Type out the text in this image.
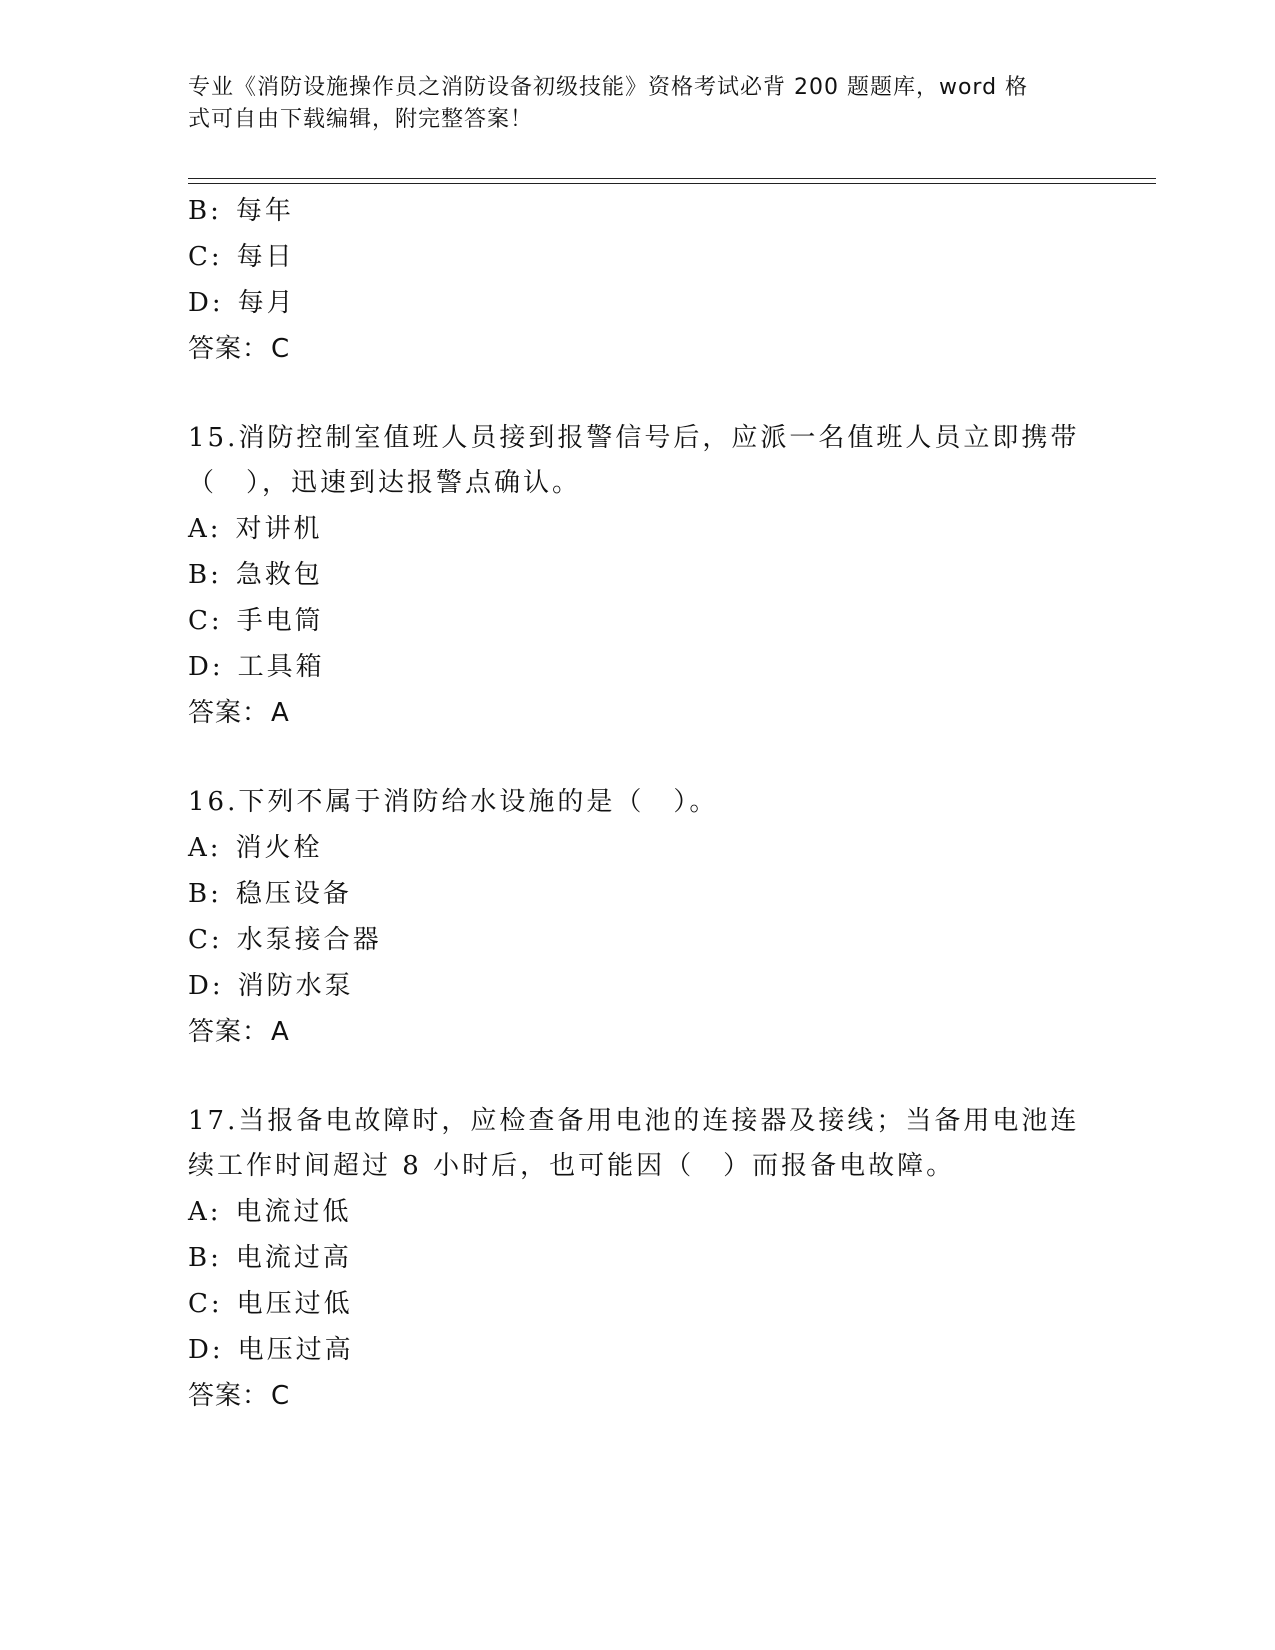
专业《消防设施操作员之消防设备初级技能》资格考试必背 200 题题库，word 格
式可自由下载编辑，附完整答案！
B: 每年
C: 每日
D: 每月
答案：C
15.消防控制室值班人员接到报警信号后，应派一名值班人员立即携带
（　），迅速到达报警点确认。
A: 对讲机
B: 急救包
C: 手电筒
D: 工具箱
答案：A
16.下列不属于消防给水设施的是（　）。
A: 消火栓
B: 稳压设备
C: 水泵接合器
D: 消防水泵
答案：A
17.当报备电故障时，应检查备用电池的连接器及接线；当备用电池连
续工作时间超过 8 小时后，也可能因（　）而报备电故障。
A: 电流过低
B: 电流过高
C: 电压过低
D: 电压过高
答案：C
